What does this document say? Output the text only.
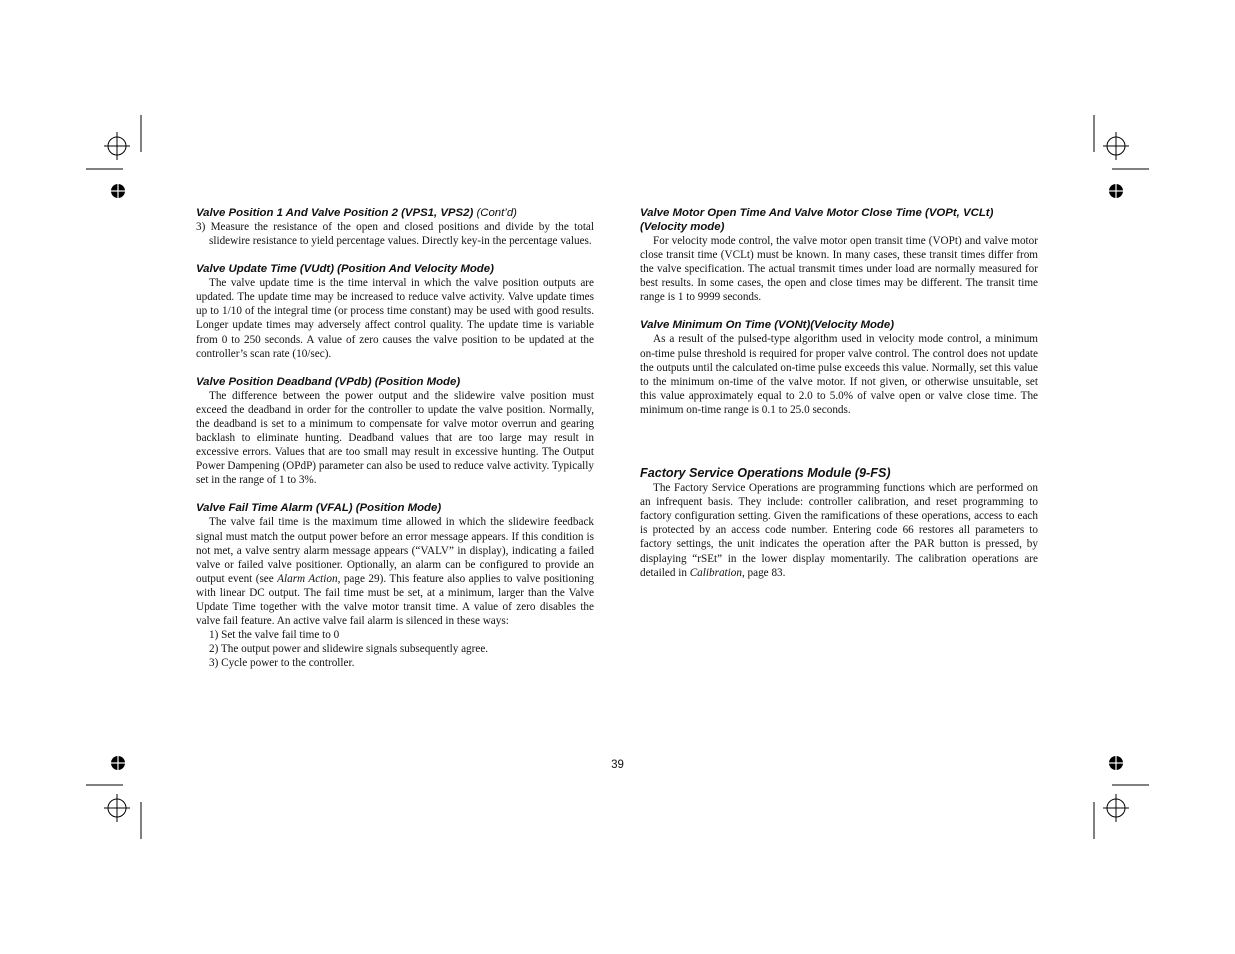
Valve Position 1 And Valve Position 2 (VPS1, VPS2) (Cont’d)

3) Measure the resistance of the open and closed positions and divide by the total slidewire resistance to yield percentage values. Directly key-in the percentage values.

Valve Update Time (VUdt) (Position And Velocity Mode)

The valve update time is the time interval in which the valve position outputs are updated. The update time may be increased to reduce valve activity. Valve update times up to 1/10 of the integral time (or process time constant) may be used with good results. Longer update times may adversely affect control quality. The update time is variable from 0 to 250 seconds. A value of zero causes the valve position to be updated at the controller’s scan rate (10/sec).

Valve Position Deadband (VPdb) (Position Mode)

The difference between the power output and the slidewire valve position must exceed the deadband in order for the controller to update the valve position. Normally, the deadband is set to a minimum to compensate for valve motor overrun and gearing backlash to eliminate hunting. Deadband values that are too large may result in excessive errors. Values that are too small may result in excessive hunting. The Output Power Dampening (OPdP) parameter can also be used to reduce valve activity. Typically set in the range of 1 to 3%.

Valve Fail Time Alarm (VFAL) (Position Mode)

The valve fail time is the maximum time allowed in which the slidewire feedback signal must match the output power before an error message appears. If this condition is not met, a valve sentry alarm message appears (“VALV” in display), indicating a failed valve or failed valve positioner. Optionally, an alarm can be configured to provide an output event (see Alarm Action, page 29). This feature also applies to valve positioning with linear DC output. The fail time must be set, at a minimum, larger than the Valve Update Time together with the valve motor transit time. A value of zero disables the valve fail feature. An active valve fail alarm is silenced in these ways:

1) Set the valve fail time to 0

2) The output power and slidewire signals subsequently agree.

3) Cycle power to the controller.

Valve Motor Open Time And Valve Motor Close Time (VOPt, VCLt) (Velocity mode)

For velocity mode control, the valve motor open transit time (VOPt) and valve motor close transit time (VCLt) must be known. In many cases, these transit times differ from the valve specification. The actual transmit times under load are normally measured for best results. In some cases, the open and close times may be different. The transit time range is 1 to 9999 seconds.

Valve Minimum On Time (VONt)(Velocity Mode)

As a result of the pulsed-type algorithm used in velocity mode control, a minimum on-time pulse threshold is required for proper valve control. The control does not update the outputs until the calculated on-time pulse exceeds this value. Normally, set this value to the minimum on-time of the valve motor. If not given, or otherwise unsuitable, set this value approximately equal to 2.0 to 5.0% of valve open or valve close time. The minimum on-time range is 0.1 to 25.0 seconds.

Factory Service Operations Module (9-FS)

The Factory Service Operations are programming functions which are performed on an infrequent basis. They include: controller calibration, and reset programming to factory configuration setting. Given the ramifications of these operations, access to each is protected by an access code number. Entering code 66 restores all parameters to factory settings, the unit indicates the operation after the PAR button is pressed, by displaying “rSEt” in the lower display momentarily. The calibration operations are detailed in Calibration, page 83.

39
